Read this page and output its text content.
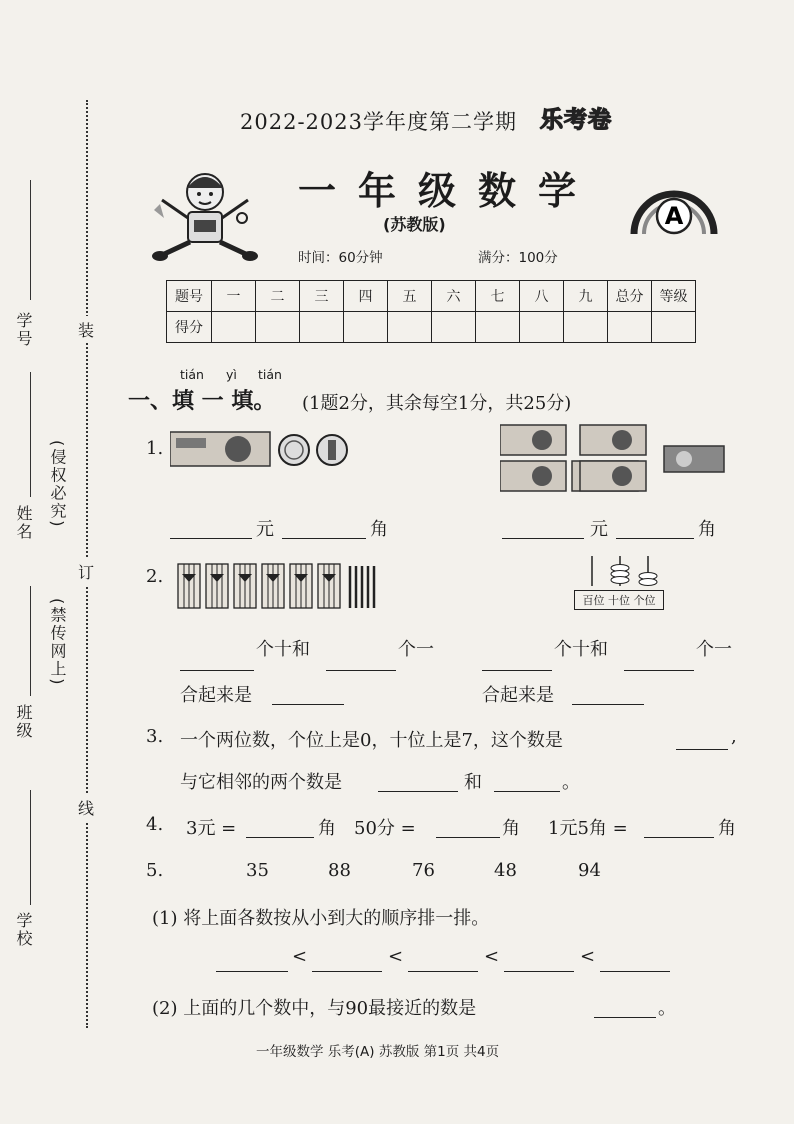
装
订
线
学号
姓名 (侵权必究)
(禁传网上)
班级
学校
2022-2023学年度第二学期 乐考卷
一年级数学
(苏教版)	A
时间：60分钟	满分：100分
题号	一	二	三	四	五	六	七	八	九	总分	等级
得分											
tián yì tián
一、填 一 填。 (1题2分，其余每空1分，共25分)
1.
元	角	元	角
2.
百位 十位 个位
个十和	个一	个十和	个一
合起来是	合起来是
3. 一个两位数，个位上是0，十位上是7，这个数是	,
与它相邻的两个数是	和	。
4. 3元 =	角 50分 =	角 1元5角 =	角
5.	35	88	76	48	94
(1) 将上面各数按从小到大的顺序排一排。
<	<	<	<
(2) 上面的几个数中，与90最接近的数是	。
一年级数学 乐考(A) 苏教版 第1页 共4页
